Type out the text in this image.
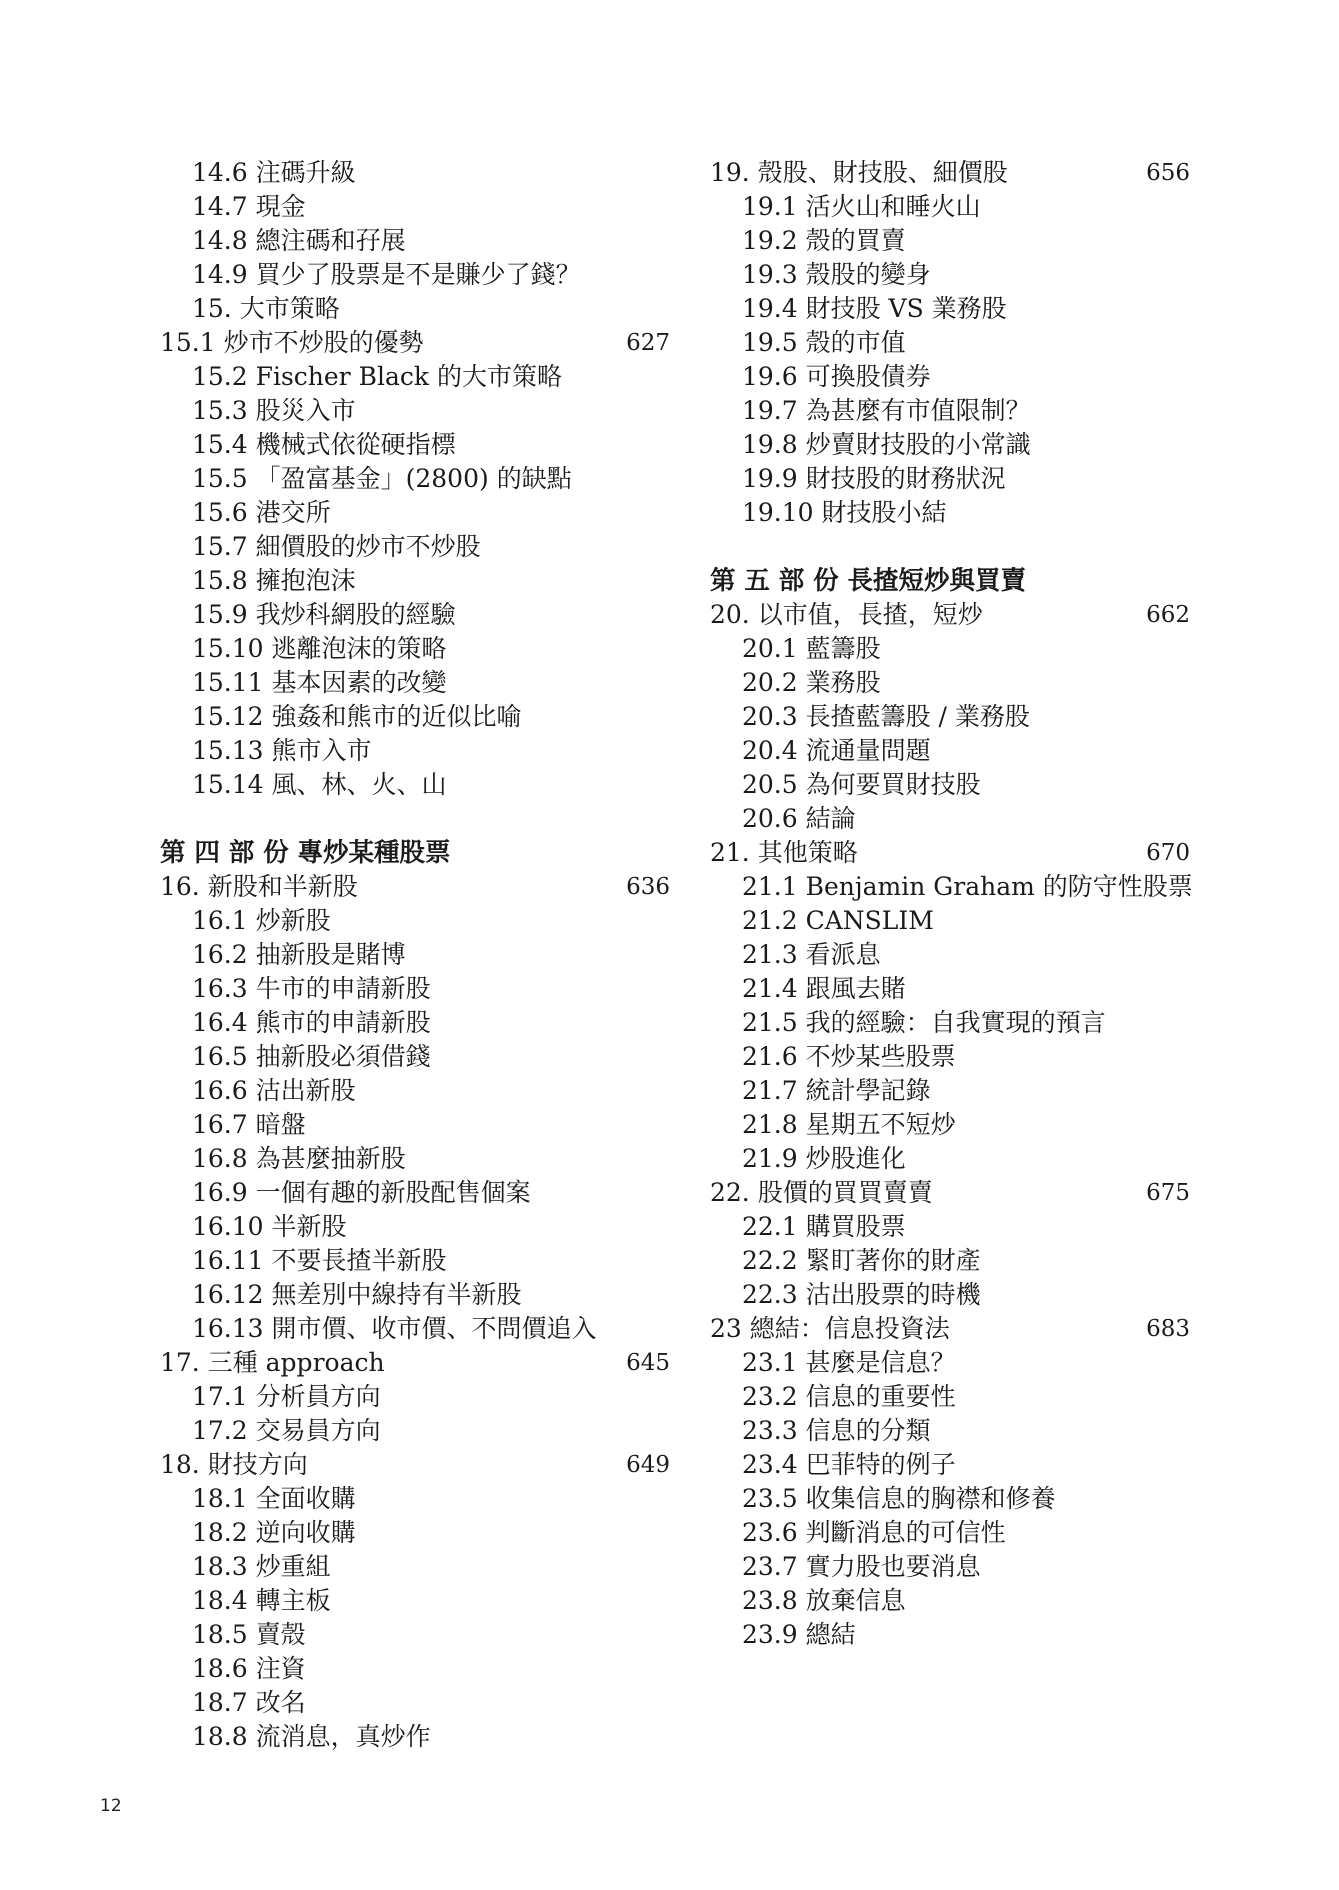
14.6 注碼升級
14.7 現金
14.8 總注碼和孖展
14.9 買少了股票是不是賺少了錢？
15. 大市策略
15.1 炒市不炒股的優勢	627
15.2 Fischer Black 的大市策略
15.3 股災入市
15.4 機械式依從硬指標
15.5 「盈富基金」(2800) 的缺點
15.6 港交所
15.7 細價股的炒市不炒股
15.8 擁抱泡沫
15.9 我炒科網股的經驗
15.10 逃離泡沫的策略
15.11 基本因素的改變
15.12 強姦和熊市的近似比喻
15.13 熊市入市
15.14 風、林、火、山
第 四 部 份 專炒某種股票
16. 新股和半新股	636
16.1 炒新股
16.2 抽新股是賭博
16.3 牛市的申請新股
16.4 熊市的申請新股
16.5 抽新股必須借錢
16.6 沽出新股
16.7 暗盤
16.8 為甚麼抽新股
16.9 一個有趣的新股配售個案
16.10 半新股
16.11 不要長揸半新股
16.12 無差別中線持有半新股
16.13 開市價、收市價、不問價追入
17. 三種 approach	645
17.1 分析員方向
17.2 交易員方向
18. 財技方向	649
18.1 全面收購
18.2 逆向收購
18.3 炒重組
18.4 轉主板
18.5 賣殼
18.6 注資
18.7 改名
18.8 流消息，真炒作
19. 殼股、財技股、細價股	656
19.1 活火山和睡火山
19.2 殼的買賣
19.3 殼股的變身
19.4 財技股 VS 業務股
19.5 殼的市值
19.6 可換股債券
19.7 為甚麼有市值限制？
19.8 炒賣財技股的小常識
19.9 財技股的財務狀況
19.10 財技股小結
第 五 部 份 長揸短炒與買賣
20. 以市值，長揸，短炒	662
20.1 藍籌股
20.2 業務股
20.3 長揸藍籌股 / 業務股
20.4 流通量問題
20.5 為何要買財技股
20.6 結論
21. 其他策略	670
21.1 Benjamin Graham 的防守性股票
21.2 CANSLIM
21.3 看派息
21.4 跟風去賭
21.5 我的經驗：自我實現的預言
21.6 不炒某些股票
21.7 統計學記錄
21.8 星期五不短炒
21.9 炒股進化
22. 股價的買買賣賣	675
22.1 購買股票
22.2 緊盯著你的財產
22.3 沽出股票的時機
23 總結：信息投資法	683
23.1 甚麼是信息？
23.2 信息的重要性
23.3 信息的分類
23.4 巴菲特的例子
23.5 收集信息的胸襟和修養
23.6 判斷消息的可信性
23.7 實力股也要消息
23.8 放棄信息
23.9 總結
12
